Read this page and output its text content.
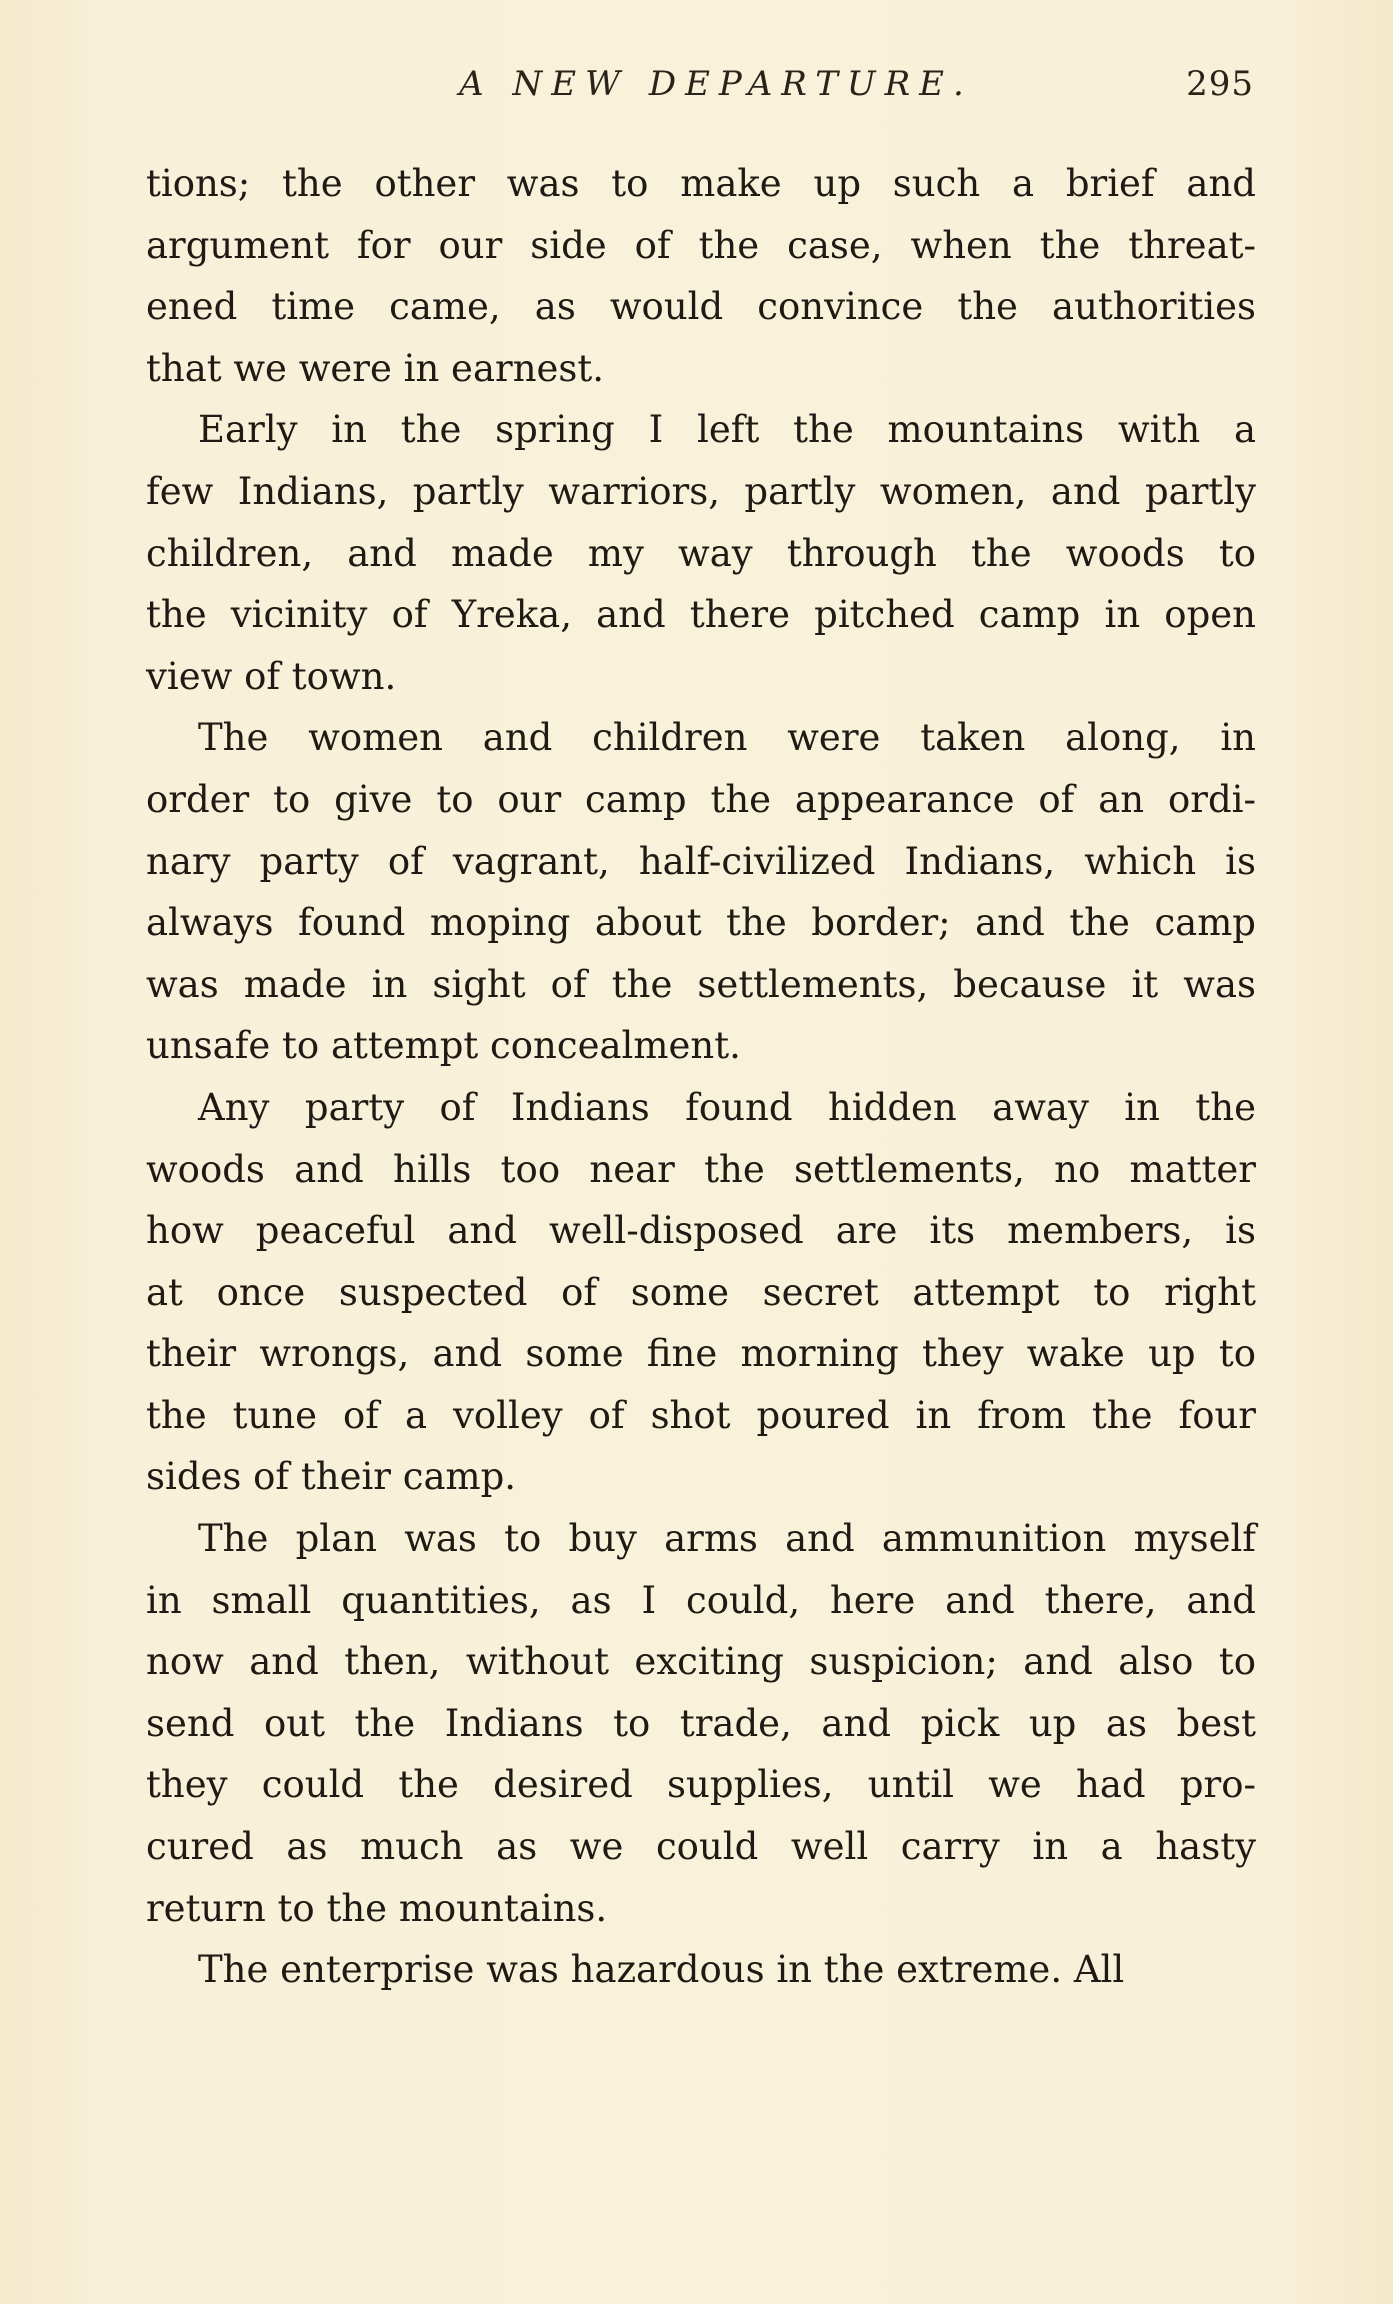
A NEW DEPARTURE.	295
tions; the other was to make up such a brief and
argument for our side of the case, when the threat-
ened time came, as would convince the authorities
that we were in earnest.
Early in the spring I left the mountains with a
few Indians, partly warriors, partly women, and partly
children, and made my way through the woods to
the vicinity of Yreka, and there pitched camp in open
view of town.
The women and children were taken along, in
order to give to our camp the appearance of an ordi-
nary party of vagrant, half-civilized Indians, which is
always found moping about the border; and the camp
was made in sight of the settlements, because it was
unsafe to attempt concealment.
Any party of Indians found hidden away in the
woods and hills too near the settlements, no matter
how peaceful and well-disposed are its members, is
at once suspected of some secret attempt to right
their wrongs, and some fine morning they wake up to
the tune of a volley of shot poured in from the four
sides of their camp.
The plan was to buy arms and ammunition myself
in small quantities, as I could, here and there, and
now and then, without exciting suspicion; and also to
send out the Indians to trade, and pick up as best
they could the desired supplies, until we had pro-
cured as much as we could well carry in a hasty
return to the mountains.
The enterprise was hazardous in the extreme. All
